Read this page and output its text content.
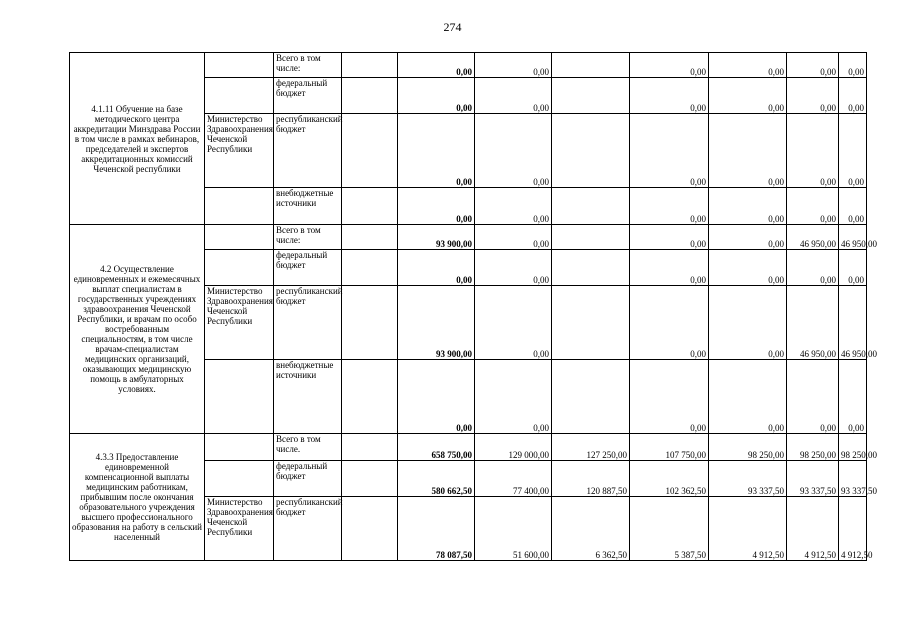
274
4.1.11 Обучение на базе методического центра аккредитации Минздрава России в том числе в рамках вебинаров, председателей и экспертов аккредитационных комиссий Чеченской республики		Всего в том числе:		0,00	0,00		0,00	0,00	0,00	0,00
		федеральный бюджет		0,00	0,00		0,00	0,00	0,00	0,00
	Министерство Здравоохранения Чеченской Республики	республиканский бюджет		0,00	0,00		0,00	0,00	0,00	0,00
		внебюджетные источники		0,00	0,00		0,00	0,00	0,00	0,00
4.2 Осуществление единовременных и ежемесячных выплат специалистам в государственных учреждениях здравоохранения Чеченской Республики, и врачам по особо востребованным специальностям, в том числе врачам-специалистам медицинских организаций, оказывающих медицинскую помощь в амбулаторных условиях.		Всего в том числе:		93 900,00	0,00		0,00	0,00	46 950,00	46 950,00
		федеральный бюджет		0,00	0,00		0,00	0,00	0,00	0,00
	Министерство Здравоохранения Чеченской Республики	республиканский бюджет		93 900,00	0,00		0,00	0,00	46 950,00	46 950,00
		внебюджетные источники		0,00	0,00		0,00	0,00	0,00	0,00
4.3.3 Предоставление единовременной компенсационной выплаты медицинским работникам, прибывшим после окончания образовательного учреждения высшего профессионального образования на работу в сельский населенный		Всего в том числе.		658 750,00	129 000,00	127 250,00	107 750,00	98 250,00	98 250,00	98 250,00
		федеральный бюджет		580 662,50	77 400,00	120 887,50	102 362,50	93 337,50	93 337,50	93 337,50
	Министерство Здравоохранения Чеченской Республики	республиканский бюджет		78 087,50	51 600,00	6 362,50	5 387,50	4 912,50	4 912,50	4 912,50
